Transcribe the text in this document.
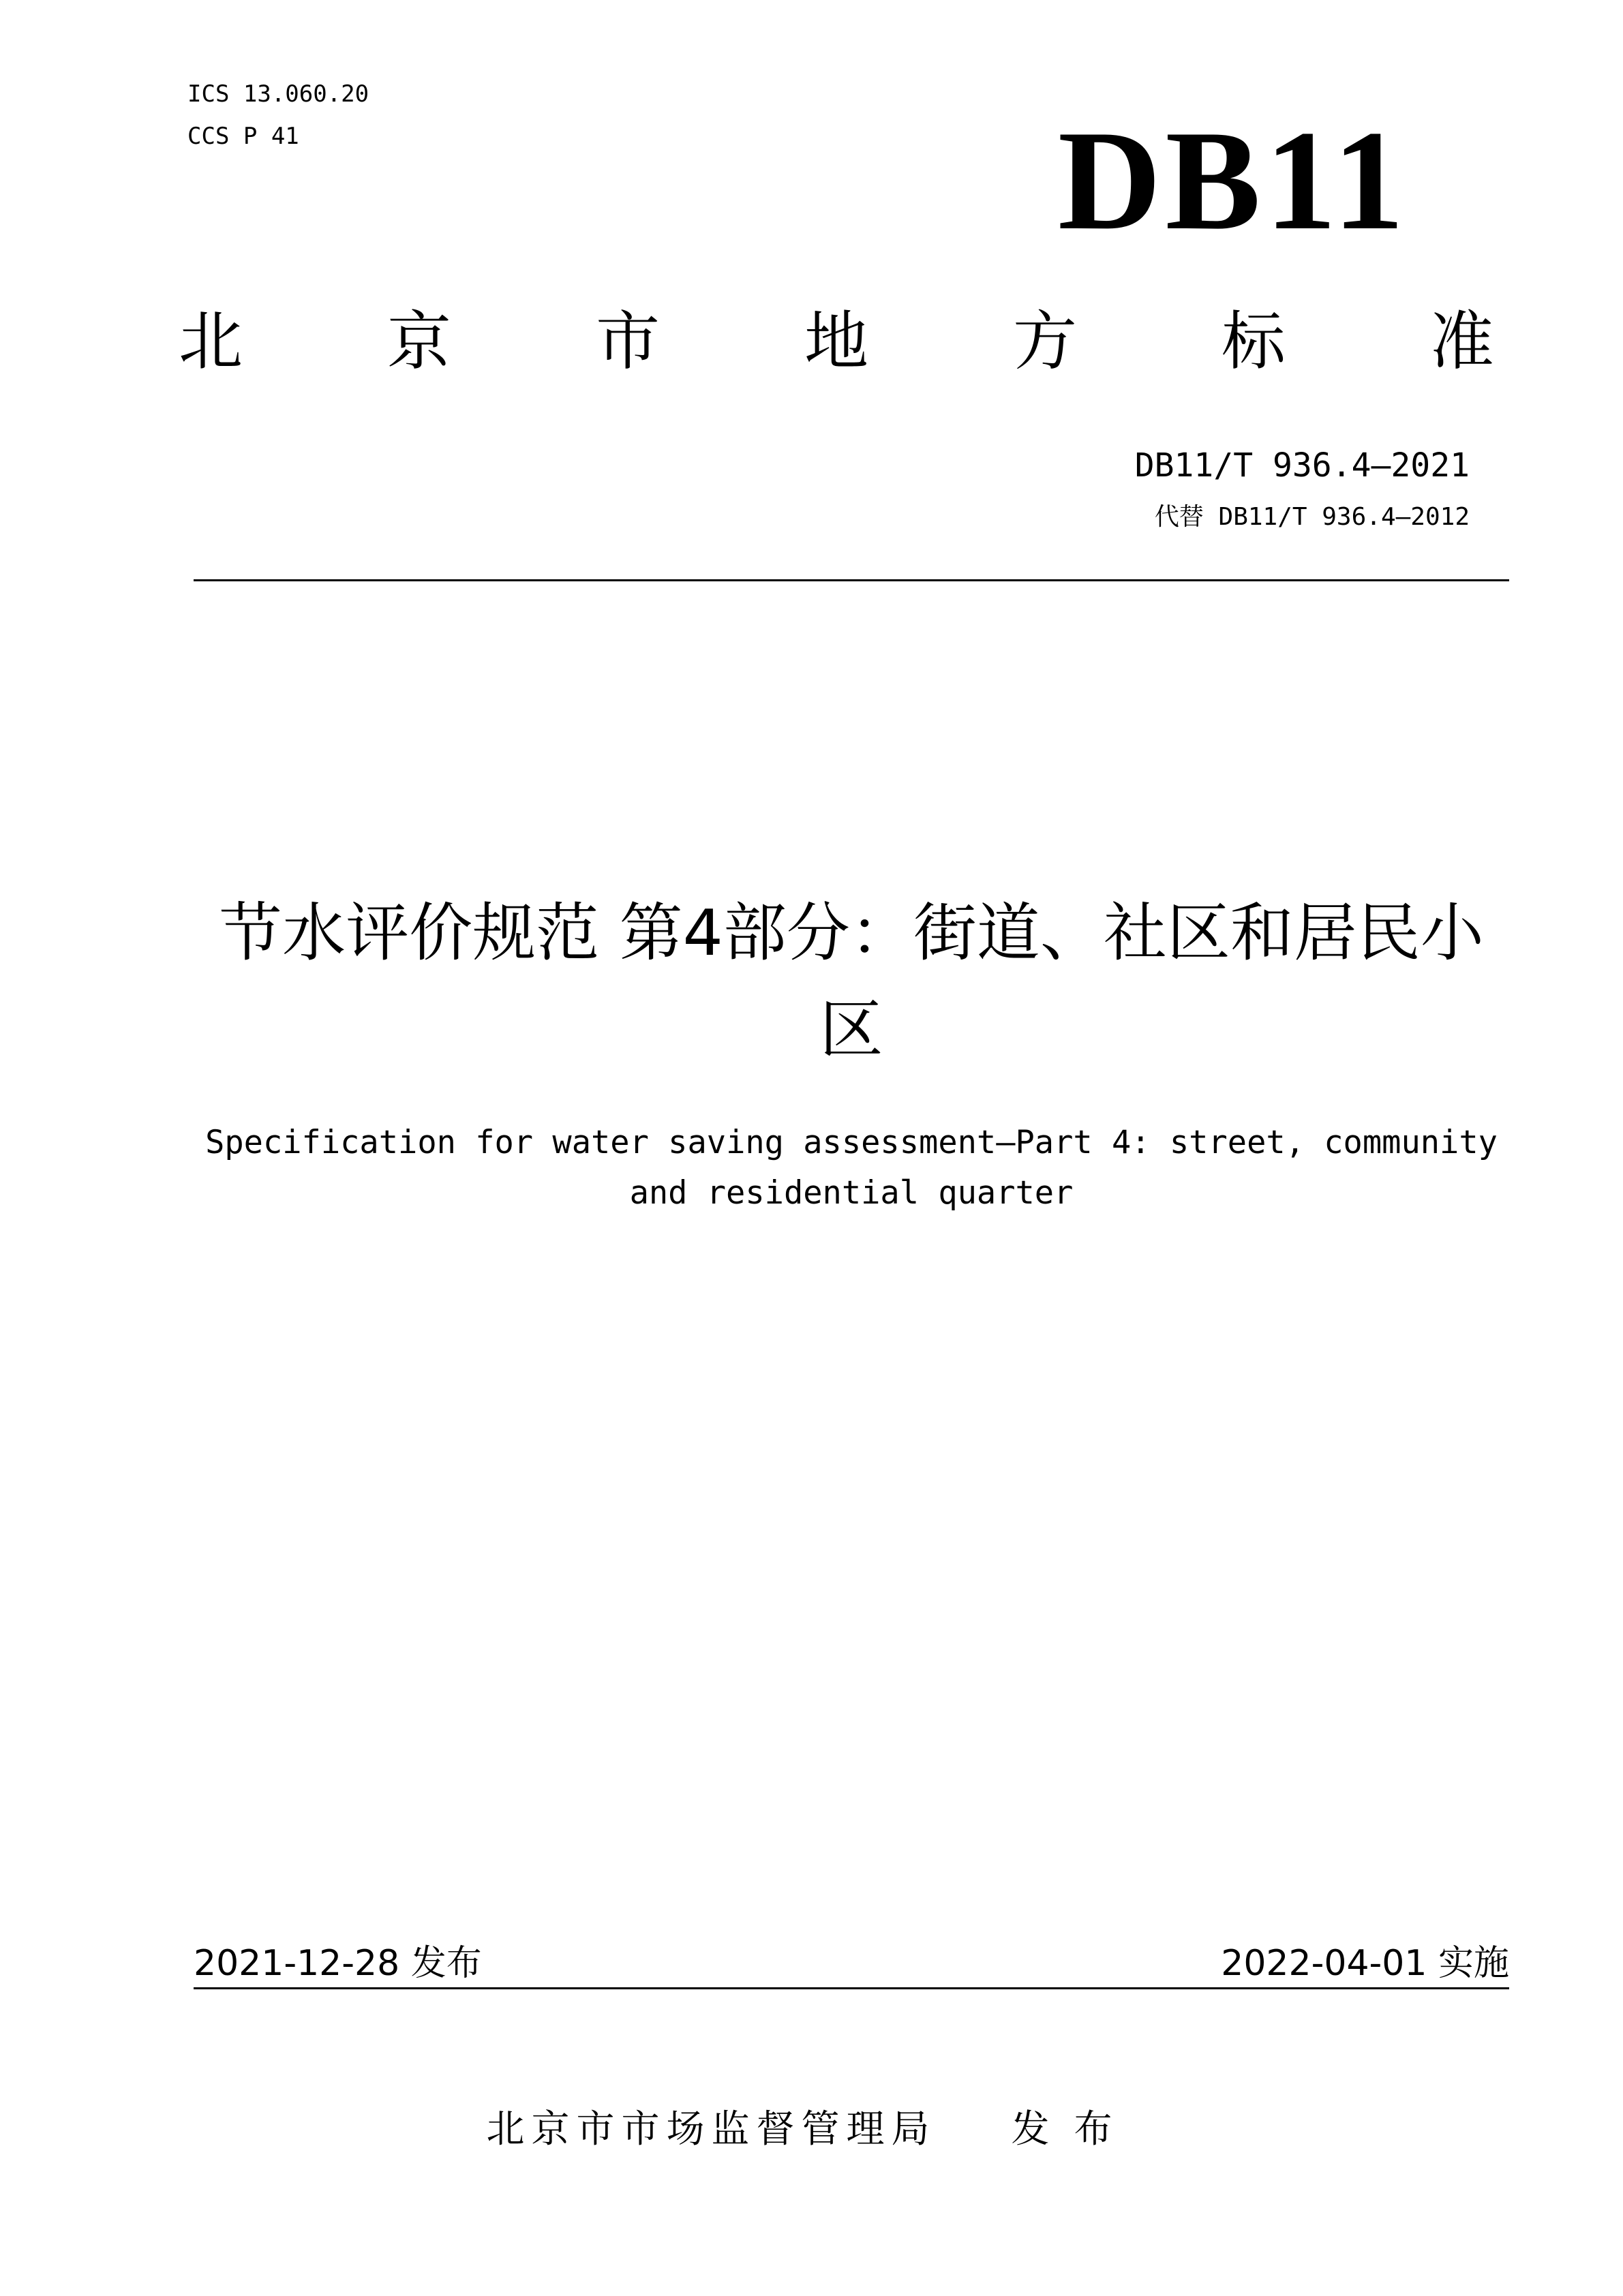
ICS 13.060.20
CCS P 41	DB11
北 京 市 地 方 标 准
DB11/T 936.4—2021
代替 DB11/T 936.4—2012
节水评价规范 第4部分：街道、社区和居民小区
Specification for water saving assessment—Part 4: street, community and residential quarter
2021-12-28 发布	2022-04-01 实施
北京市市场监督管理局 发布
